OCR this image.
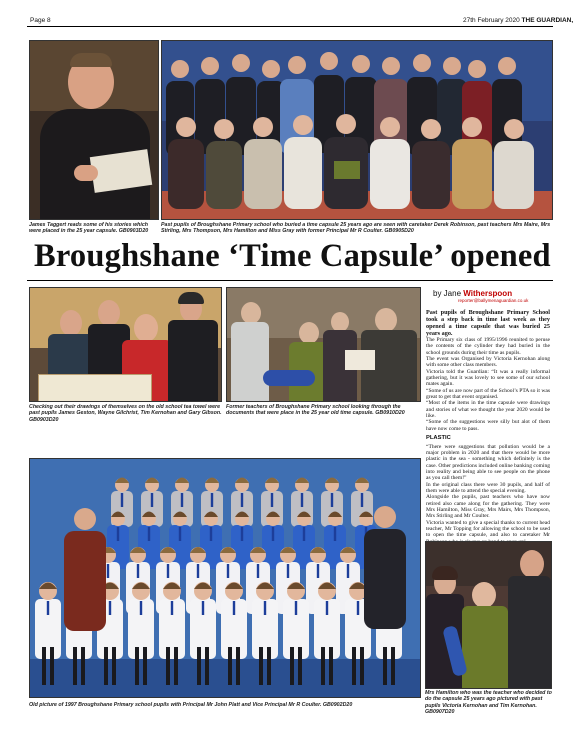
Page 8	27th February 2020 THE GUARDIAN,
James Taggert reads some of his stories which were placed in the 25 year capsule. GB0903D20
Past pupils of Broughshane Primary school who buried a time capsule 25 years ago are seen with caretaker Derek Robinson, past teachers Mrs Maire, Mrs Stirling, Mrs Thompson, Mrs Hamilton and Miss Gray with former Principal Mr R Coulter. GB0905D20
Broughshane ‘Time Capsule’ opened
Checking out their drawings of themselves on the old school tea towel were past pupils James Geston, Wayne Gilchrist, Tim Kernohan and Gary Gibson. GB0903D20
Former teachers of Broughshane Primary school looking through the documents that were place in the 25 year old time capsule. GB0910D20
by Jane Witherspoon
reporter@ballymenaguardian.co.uk

Past pupils of Broughshane Primary School took a step back in time last week as they opened a time capsule that was buried 25 years ago.

The Primary six class of 1995/1996 reunited to peruse the contents of the cylinder they had buried in the school grounds during their time as pupils.

The event was Organised by Victoria Kernohan along with some other class members.

Victoria told the Guardian: “It was a really informal gathering, but it was lovely to see some of our school mates again.

“Some of us are now part of the School’s PTA so it was great to get that event organised.

“Most of the items in the time capsule were drawings and stories of what we thought the year 2020 would be like.

“Some of the suggestions were silly but alot of them have now come to pass.

PLASTIC

“There were suggestions that pollution would be a major problem in 2020 and that there would be more plastic in the sea - something which definitely is the case. Other predictions included online banking coming into reality and being able to see people on the phone as you call them!”

In the original class there were 30 pupils, and half of them were able to attend the special evening.

Alongside the pupils, past teachers who have now retired also came along for the gathering. They were Mrs Hamilton, Miss Gray, Mrs Mairs, Mrs Thompson, Mrs Stirling and Mr Coulter.

Victoria wanted to give a special thanks to current head teacher, Mr Topping for allowing the school to be used to open the time capsule, and also to caretaker Mr

Old picture of 1997 Broughshane Primary school pupils with Principal Mr John Platt and Vice Principal Mr R Coulter. GB0902D20
Mrs Hamilton who was the teacher who decided to do the capsule 25 years ago pictured with past pupils Victoria Kernohan and Tim Kernohan. GB0907D20
